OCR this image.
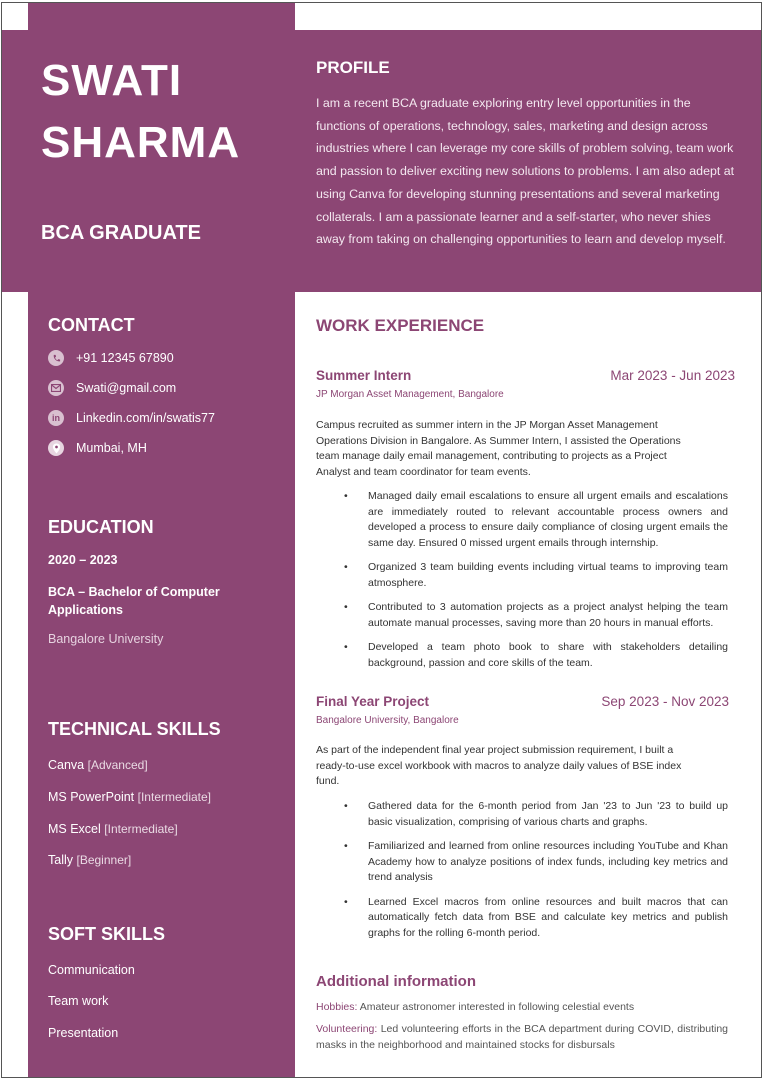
SWATI
SHARMA
BCA GRADUATE
PROFILE
I am a recent BCA graduate exploring entry level opportunities in the functions of operations, technology, sales, marketing and design across industries where I can leverage my core skills of problem solving, team work and passion to deliver exciting new solutions to problems. I am also adept at using Canva for developing stunning presentations and several marketing collaterals. I am a passionate learner and a self-starter, who never shies away from taking on challenging opportunities to learn and develop myself.
CONTACT
+91 12345 67890
Swati@gmail.com
in	Linkedin.com/in/swatis77
Mumbai, MH
EDUCATION
2020 – 2023
BCA – Bachelor of Computer Applications
Bangalore University
TECHNICAL SKILLS
Canva [Advanced]
MS PowerPoint [Intermediate]
MS Excel [Intermediate]
Tally [Beginner]
SOFT SKILLS
Communication
Team work
Presentation
WORK EXPERIENCE
Summer Intern	Mar 2023 - Jun 2023
JP Morgan Asset Management, Bangalore
Campus recruited as summer intern in the JP Morgan Asset Management Operations Division in Bangalore. As Summer Intern, I assisted the Operations team manage daily email management, contributing to projects as a Project Analyst and team coordinator for team events.
• Managed daily email escalations to ensure all urgent emails and escalations are immediately routed to relevant accountable process owners and developed a process to ensure daily compliance of closing urgent emails the same day. Ensured 0 missed urgent emails through internship.
• Organized 3 team building events including virtual teams to improving team atmosphere.
• Contributed to 3 automation projects as a project analyst helping the team automate manual processes, saving more than 20 hours in manual efforts.
• Developed a team photo book to share with stakeholders detailing background, passion and core skills of the team.
Final Year Project	Sep 2023 - Nov 2023
Bangalore University, Bangalore
As part of the independent final year project submission requirement, I built a ready-to-use excel workbook with macros to analyze daily values of BSE index fund.
• Gathered data for the 6-month period from Jan '23 to Jun '23 to build up basic visualization, comprising of various charts and graphs.
• Familiarized and learned from online resources including YouTube and Khan Academy how to analyze positions of index funds, including key metrics and trend analysis
• Learned Excel macros from online resources and built macros that can automatically fetch data from BSE and calculate key metrics and publish graphs for the rolling 6-month period.
Additional information
Hobbies: Amateur astronomer interested in following celestial events
Volunteering: Led volunteering efforts in the BCA department during COVID, distributing masks in the neighborhood and maintained stocks for disbursals
